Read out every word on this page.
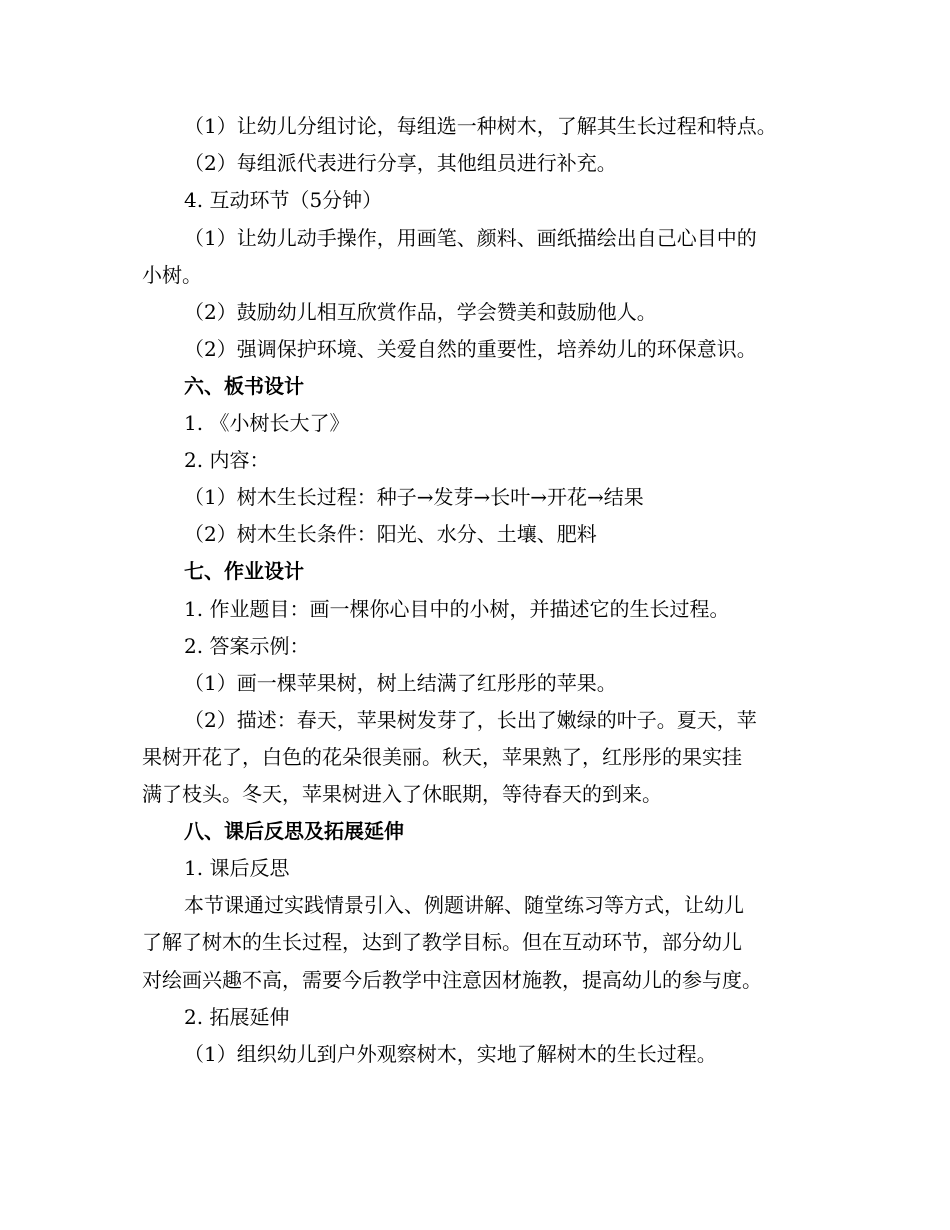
（1）让幼儿分组讨论，每组选一种树木，了解其生长过程和特点。
（2）每组派代表进行分享，其他组员进行补充。
4. 互动环节（5分钟）
（1）让幼儿动手操作，用画笔、颜料、画纸描绘出自己心目中的
小树。
（2）鼓励幼儿相互欣赏作品，学会赞美和鼓励他人。
（2）强调保护环境、关爱自然的重要性，培养幼儿的环保意识。
六、板书设计
1. 《小树长大了》
2. 内容：
（1）树木生长过程：种子→发芽→长叶→开花→结果
（2）树木生长条件：阳光、水分、土壤、肥料
七、作业设计
1. 作业题目：画一棵你心目中的小树，并描述它的生长过程。
2. 答案示例：
（1）画一棵苹果树，树上结满了红彤彤的苹果。
（2）描述：春天，苹果树发芽了，长出了嫩绿的叶子。夏天，苹
果树开花了，白色的花朵很美丽。秋天，苹果熟了，红彤彤的果实挂
满了枝头。冬天，苹果树进入了休眠期，等待春天的到来。
八、课后反思及拓展延伸
1. 课后反思
本节课通过实践情景引入、例题讲解、随堂练习等方式，让幼儿
了解了树木的生长过程，达到了教学目标。但在互动环节，部分幼儿
对绘画兴趣不高，需要今后教学中注意因材施教，提高幼儿的参与度。
2. 拓展延伸
（1）组织幼儿到户外观察树木，实地了解树木的生长过程。
